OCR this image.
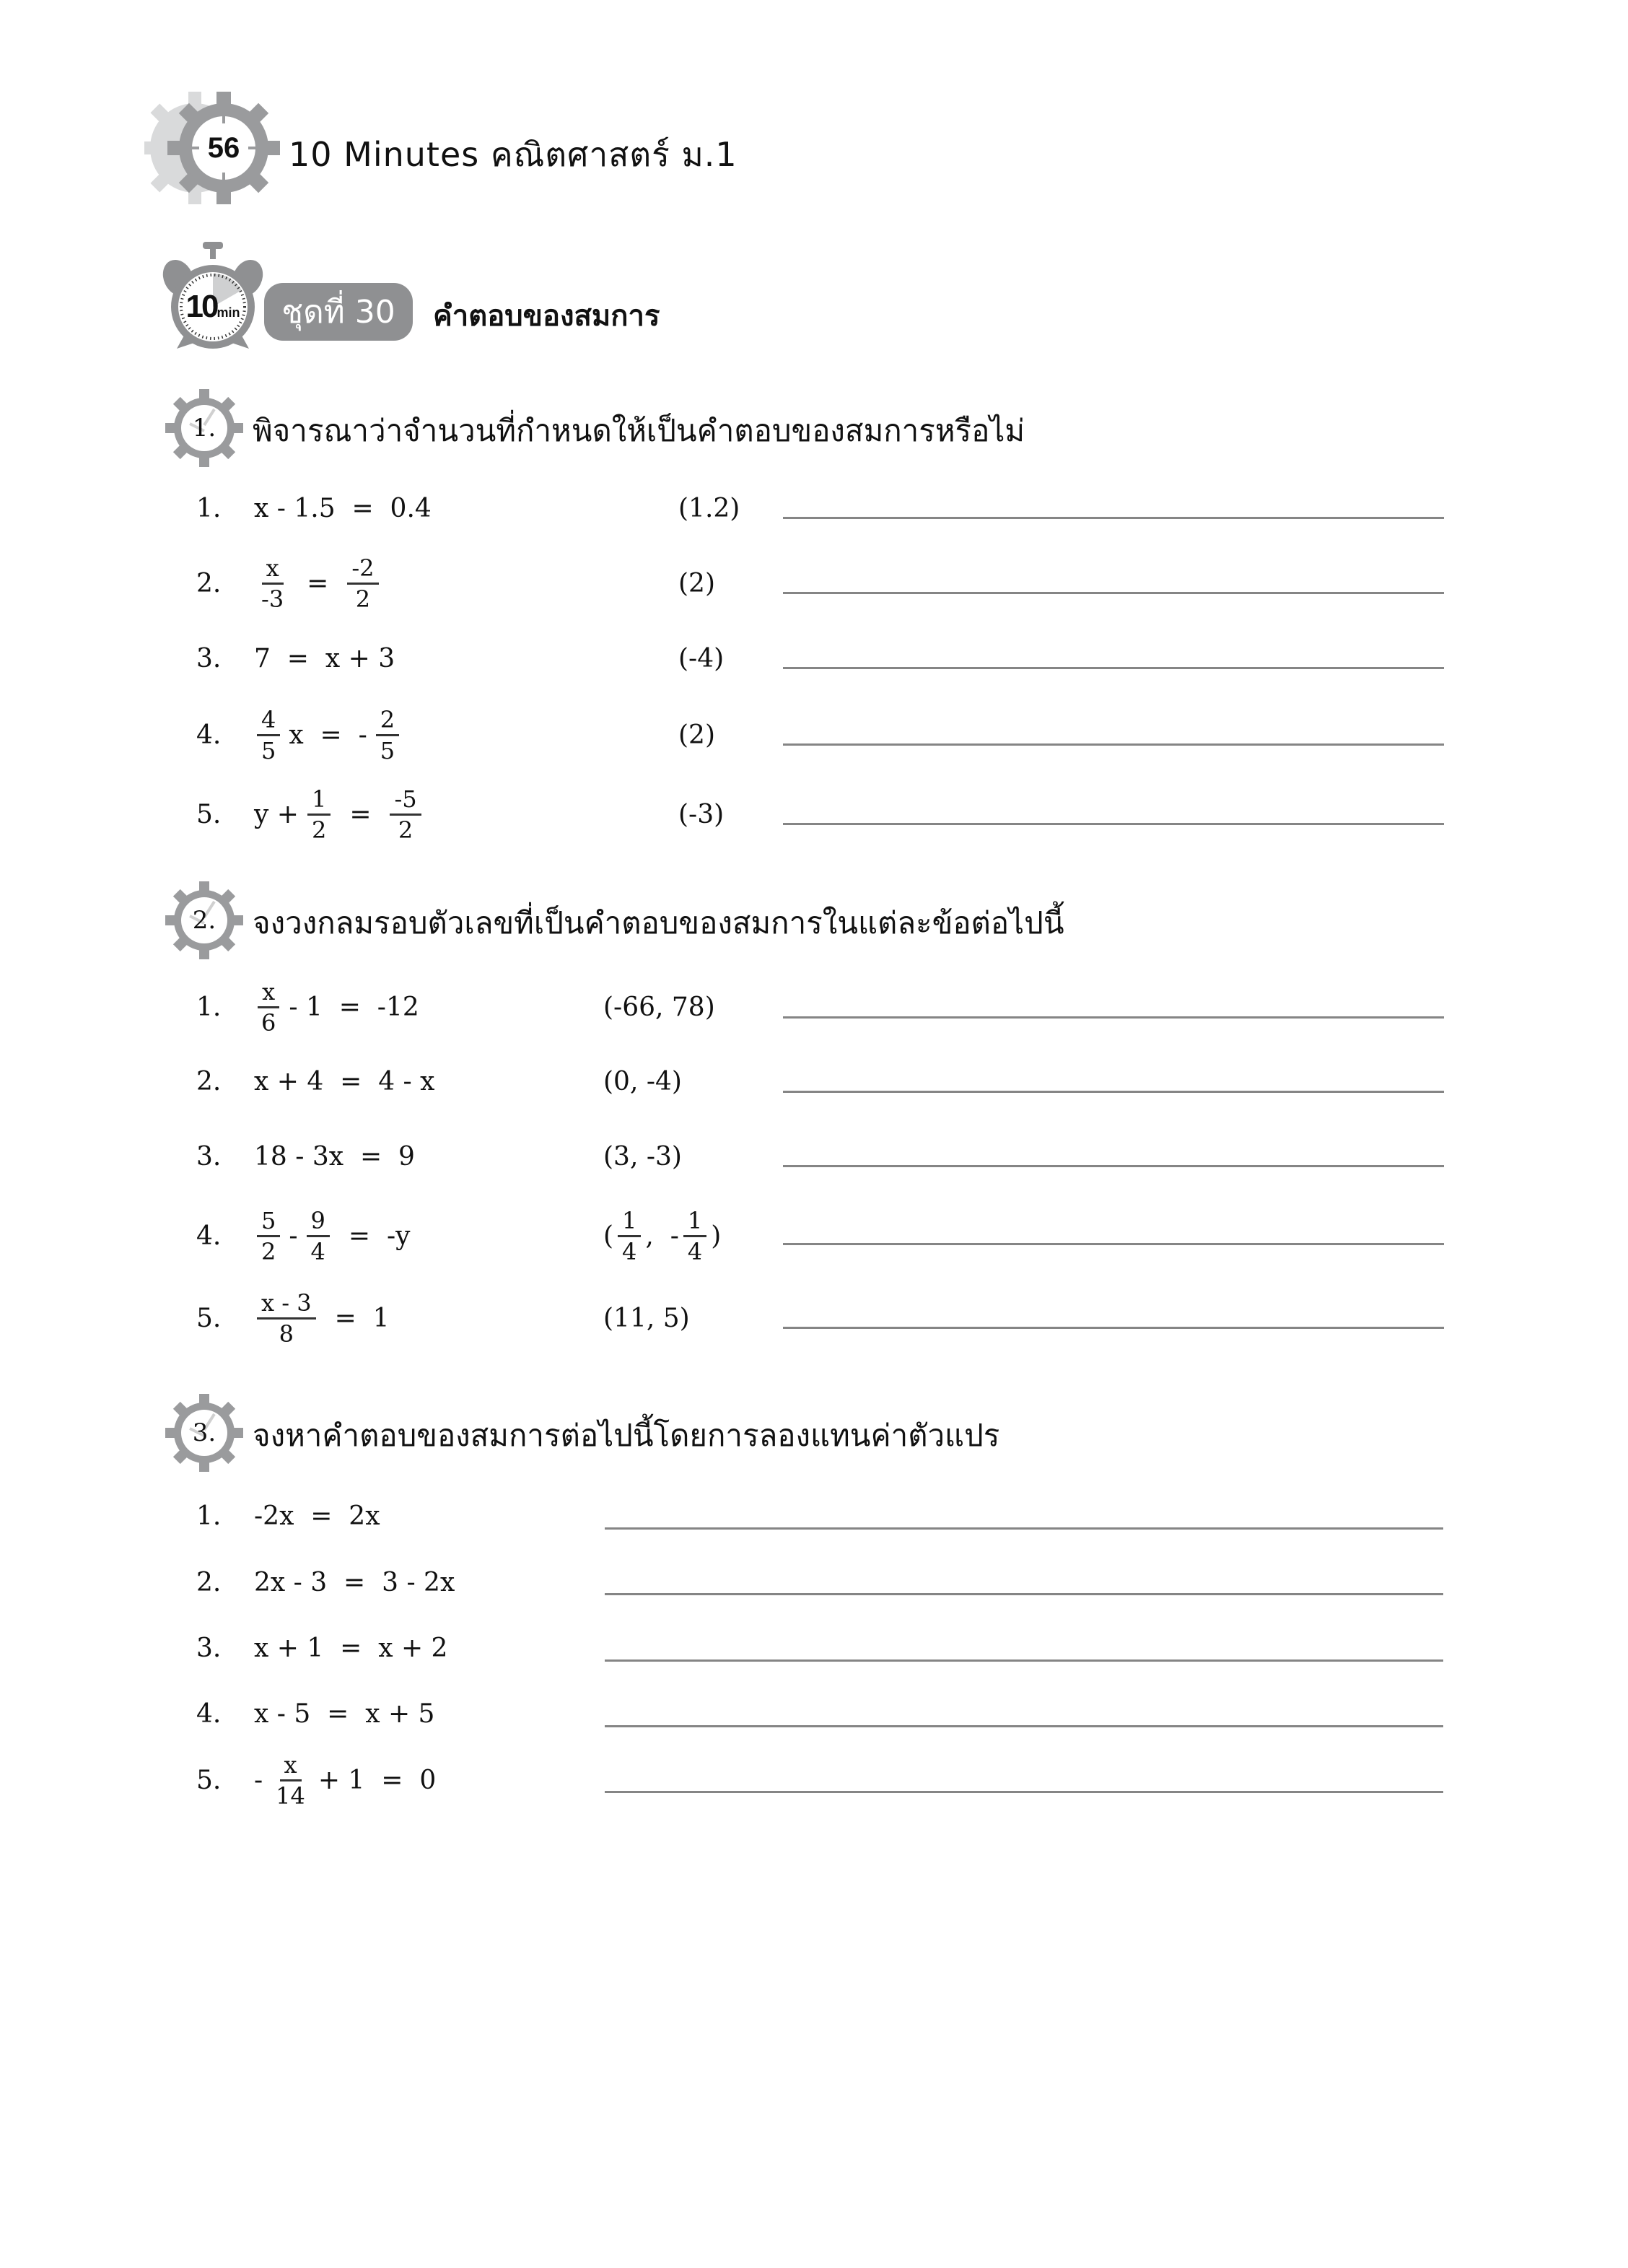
56	10 Minutes คณิตศาสตร์ ม.1
10 min	ชุดที่ 30	คำตอบของสมการ
1.	พิจารณาว่าจำนวนที่กำหนดให้เป็นคำตอบของสมการหรือไม่
1. x - 1.5  =  0.4	(1.2)
2. $\frac{x}{-3} = \frac{-2}{2}$	(2)
3. 7  =  x + 3	(-4)
4. $\frac{4}{5}$ x  =  - $\frac{2}{5}$	(2)
5. $y + \frac{1}{2} = \frac{-5}{2}$	(-3)
2.	จงวงกลมรอบตัวเลขที่เป็นคำตอบของสมการในแต่ละข้อต่อไปนี้
1. $\frac{x}{6} - 1 = -12$	(-66, 78)
2. x + 4  =  4 - x	(0, -4)
3. 18 - 3x  =  9	(3, -3)
4. $\frac{5}{2} - \frac{9}{4} = -y$	( $\frac{1}{4}$ ,  - $\frac{1}{4}$ )
5. $\frac{x - 3}{8} = 1$	(11, 5)
3.	จงหาคำตอบของสมการต่อไปนี้โดยการลองแทนค่าตัวแปร
1. -2x  =  2x
2. 2x - 3  =  3 - 2x
3. x + 1  =  x + 2
4. x - 5  =  x + 5
5. - $\frac{x}{14} + 1 = 0$
